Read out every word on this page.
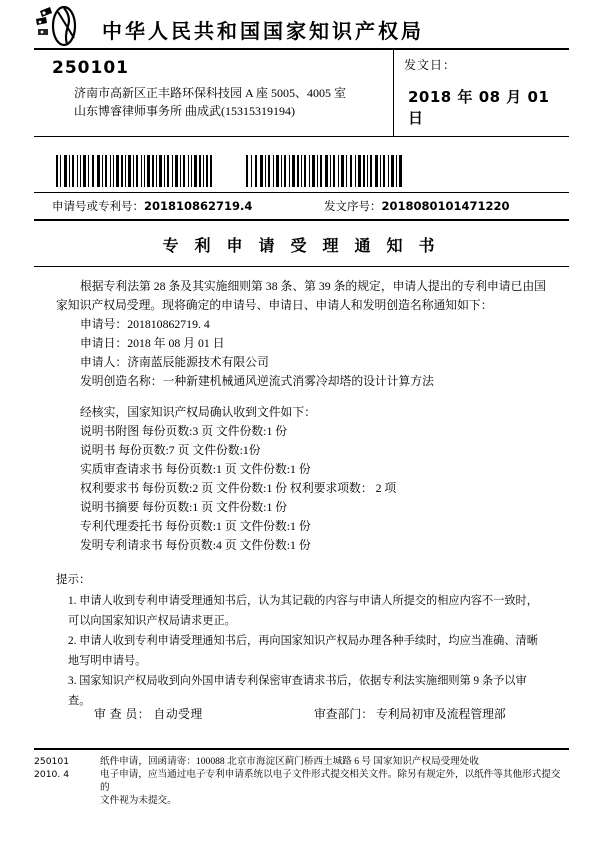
中华人民共和国国家知识产权局
250101
济南市高新区正丰路环保科技园 A 座 5005、4005 室
山东博睿律师事务所 曲成武(15315319194)
发文日：
2018 年 08 月 01 日
申请号或专利号：201810862719.4	发文序号：2018080101471220
专 利 申 请 受 理 通 知 书
根据专利法第 28 条及其实施细则第 38 条、第 39 条的规定，申请人提出的专利申请已由国家知识产权局受理。现将确定的申请号、申请日、申请人和发明创造名称通知如下：
申请号：201810862719. 4
申请日：2018 年 08 月 01 日
申请人：济南蓝辰能源技术有限公司
发明创造名称：一种新建机械通风逆流式消雾冷却塔的设计计算方法
经核实，国家知识产权局确认收到文件如下：
说明书附图 每份页数:3 页 文件份数:1 份
说明书 每份页数:7 页 文件份数:1份
实质审查请求书 每份页数:1 页 文件份数:1 份
权利要求书 每份页数:2 页 文件份数:1 份 权利要求项数： 2 项
说明书摘要 每份页数:1 页 文件份数:1 份
专利代理委托书 每份页数:1 页 文件份数:1 份
发明专利请求书 每份页数:4 页 文件份数:1 份
提示：
1. 申请人收到专利申请受理通知书后，认为其记载的内容与申请人所提交的相应内容不一致时，可以向国家知识产权局请求更正。
2. 申请人收到专利申请受理通知书后，再向国家知识产权局办理各种手续时，均应当准确、清晰地写明申请号。
3. 国家知识产权局收到向外国申请专利保密审查请求书后，依据专利法实施细则第 9 条予以审查。
审 查 员： 自动受理	审查部门： 专利局初审及流程管理部
250101
2010. 4
纸件申请，回函请寄：100088 北京市海淀区蓟门桥西土城路 6 号 国家知识产权局受理处收
电子申请，应当通过电子专利申请系统以电子文件形式提交相关文件。除另有规定外，以纸件等其他形式提交的
文件视为未提交。
